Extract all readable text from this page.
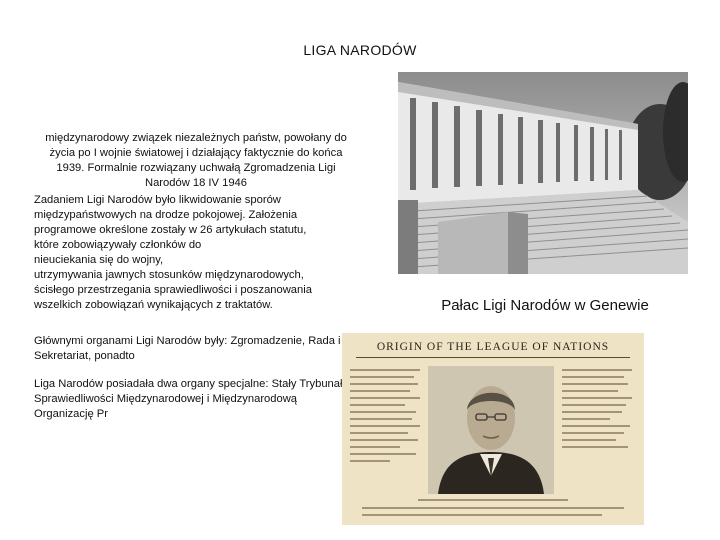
LIGA NARODÓW
międzynarodowy związek niezależnych państw, powołany do życia po I wojnie światowej i działający faktycznie do końca 1939. Formalnie rozwiązany uchwałą Zgromadzenia Ligi Narodów 18 IV 1946
Zadaniem Ligi Narodów było likwidowanie sporów
międzypaństwowych na drodze pokojowej. Założenia
programowe określone zostały w 26 artykułach statutu,
które zobowiązywały członków do
nieuciekania się do wojny,
utrzymywania jawnych stosunków międzynarodowych,
ścisłego przestrzegania sprawiedliwości i poszanowania
wszelkich zobowiązań wynikających z traktatów.
Głównymi organami Ligi Narodów były: Zgromadzenie, Rada i Sekretariat, ponadto
Liga Narodów posiadała dwa organy specjalne: Stały Trybunał Sprawiedliwości Międzynarodowej i Międzynarodową Organizację Pr
Pałac Ligi Narodów w Genewie
ORIGIN OF THE LEAGUE OF NATIONS
